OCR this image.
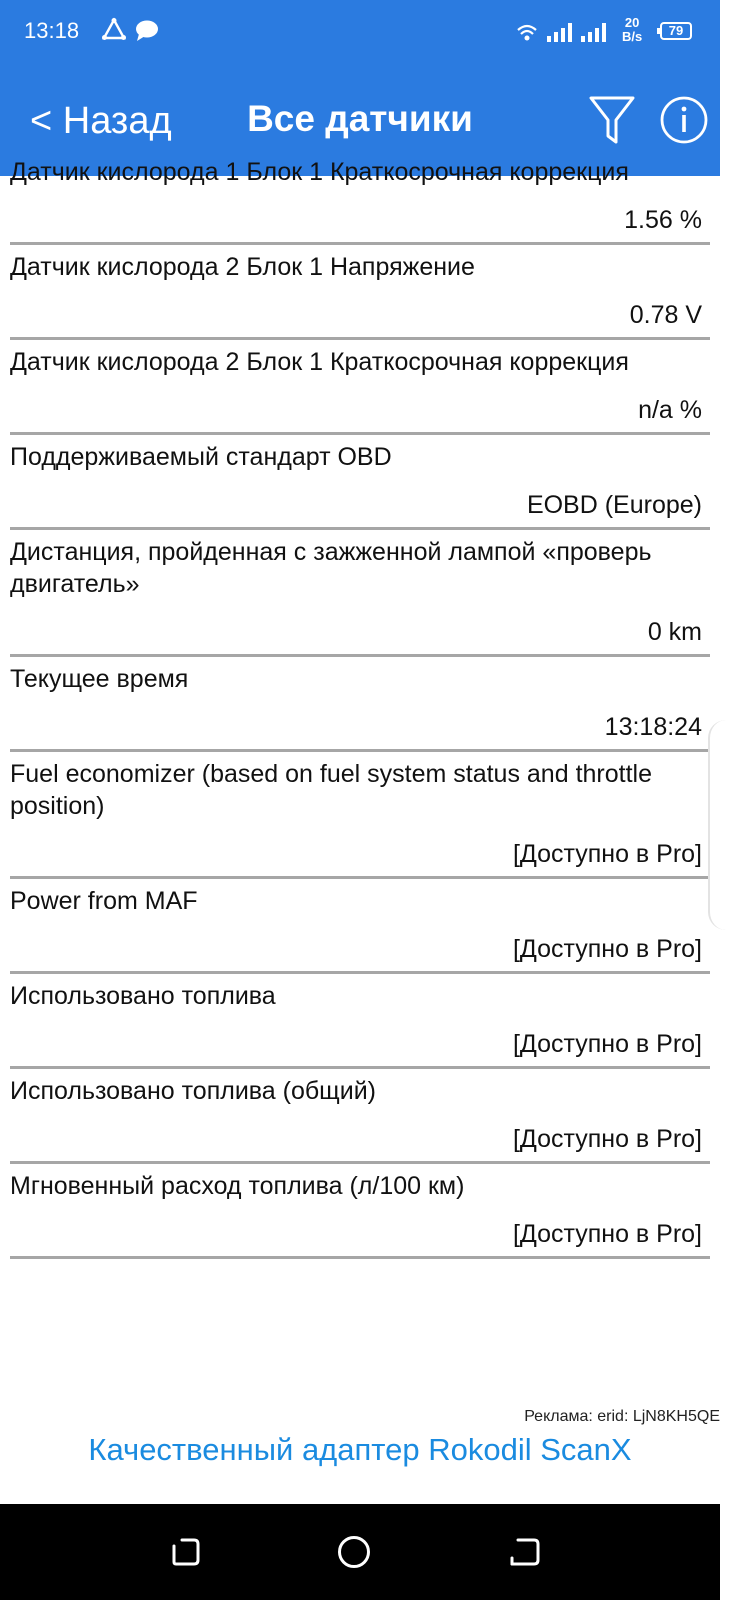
13:18	20
B/s	79
< Назад	Все датчики
Датчик кислорода 1 Блок 1 Краткосрочная коррекция
1.56 %
Датчик кислорода 2 Блок 1 Напряжение
0.78 V
Датчик кислорода 2 Блок 1 Краткосрочная коррекция
n/a %
Поддерживаемый стандарт OBD
EOBD (Europe)
Дистанция, пройденная с зажженной лампой «проверь двигатель»
0 km
Текущее время
13:18:24
Fuel economizer (based on fuel system status and throttle position)
[Доступно в Pro]
Power from MAF
[Доступно в Pro]
Использовано топлива
[Доступно в Pro]
Использовано топлива (общий)
[Доступно в Pro]
Мгновенный расход топлива (л/100 км)
[Доступно в Pro]
Реклама: erid: LjN8KH5QE
Качественный адаптер Rokodil ScanX
